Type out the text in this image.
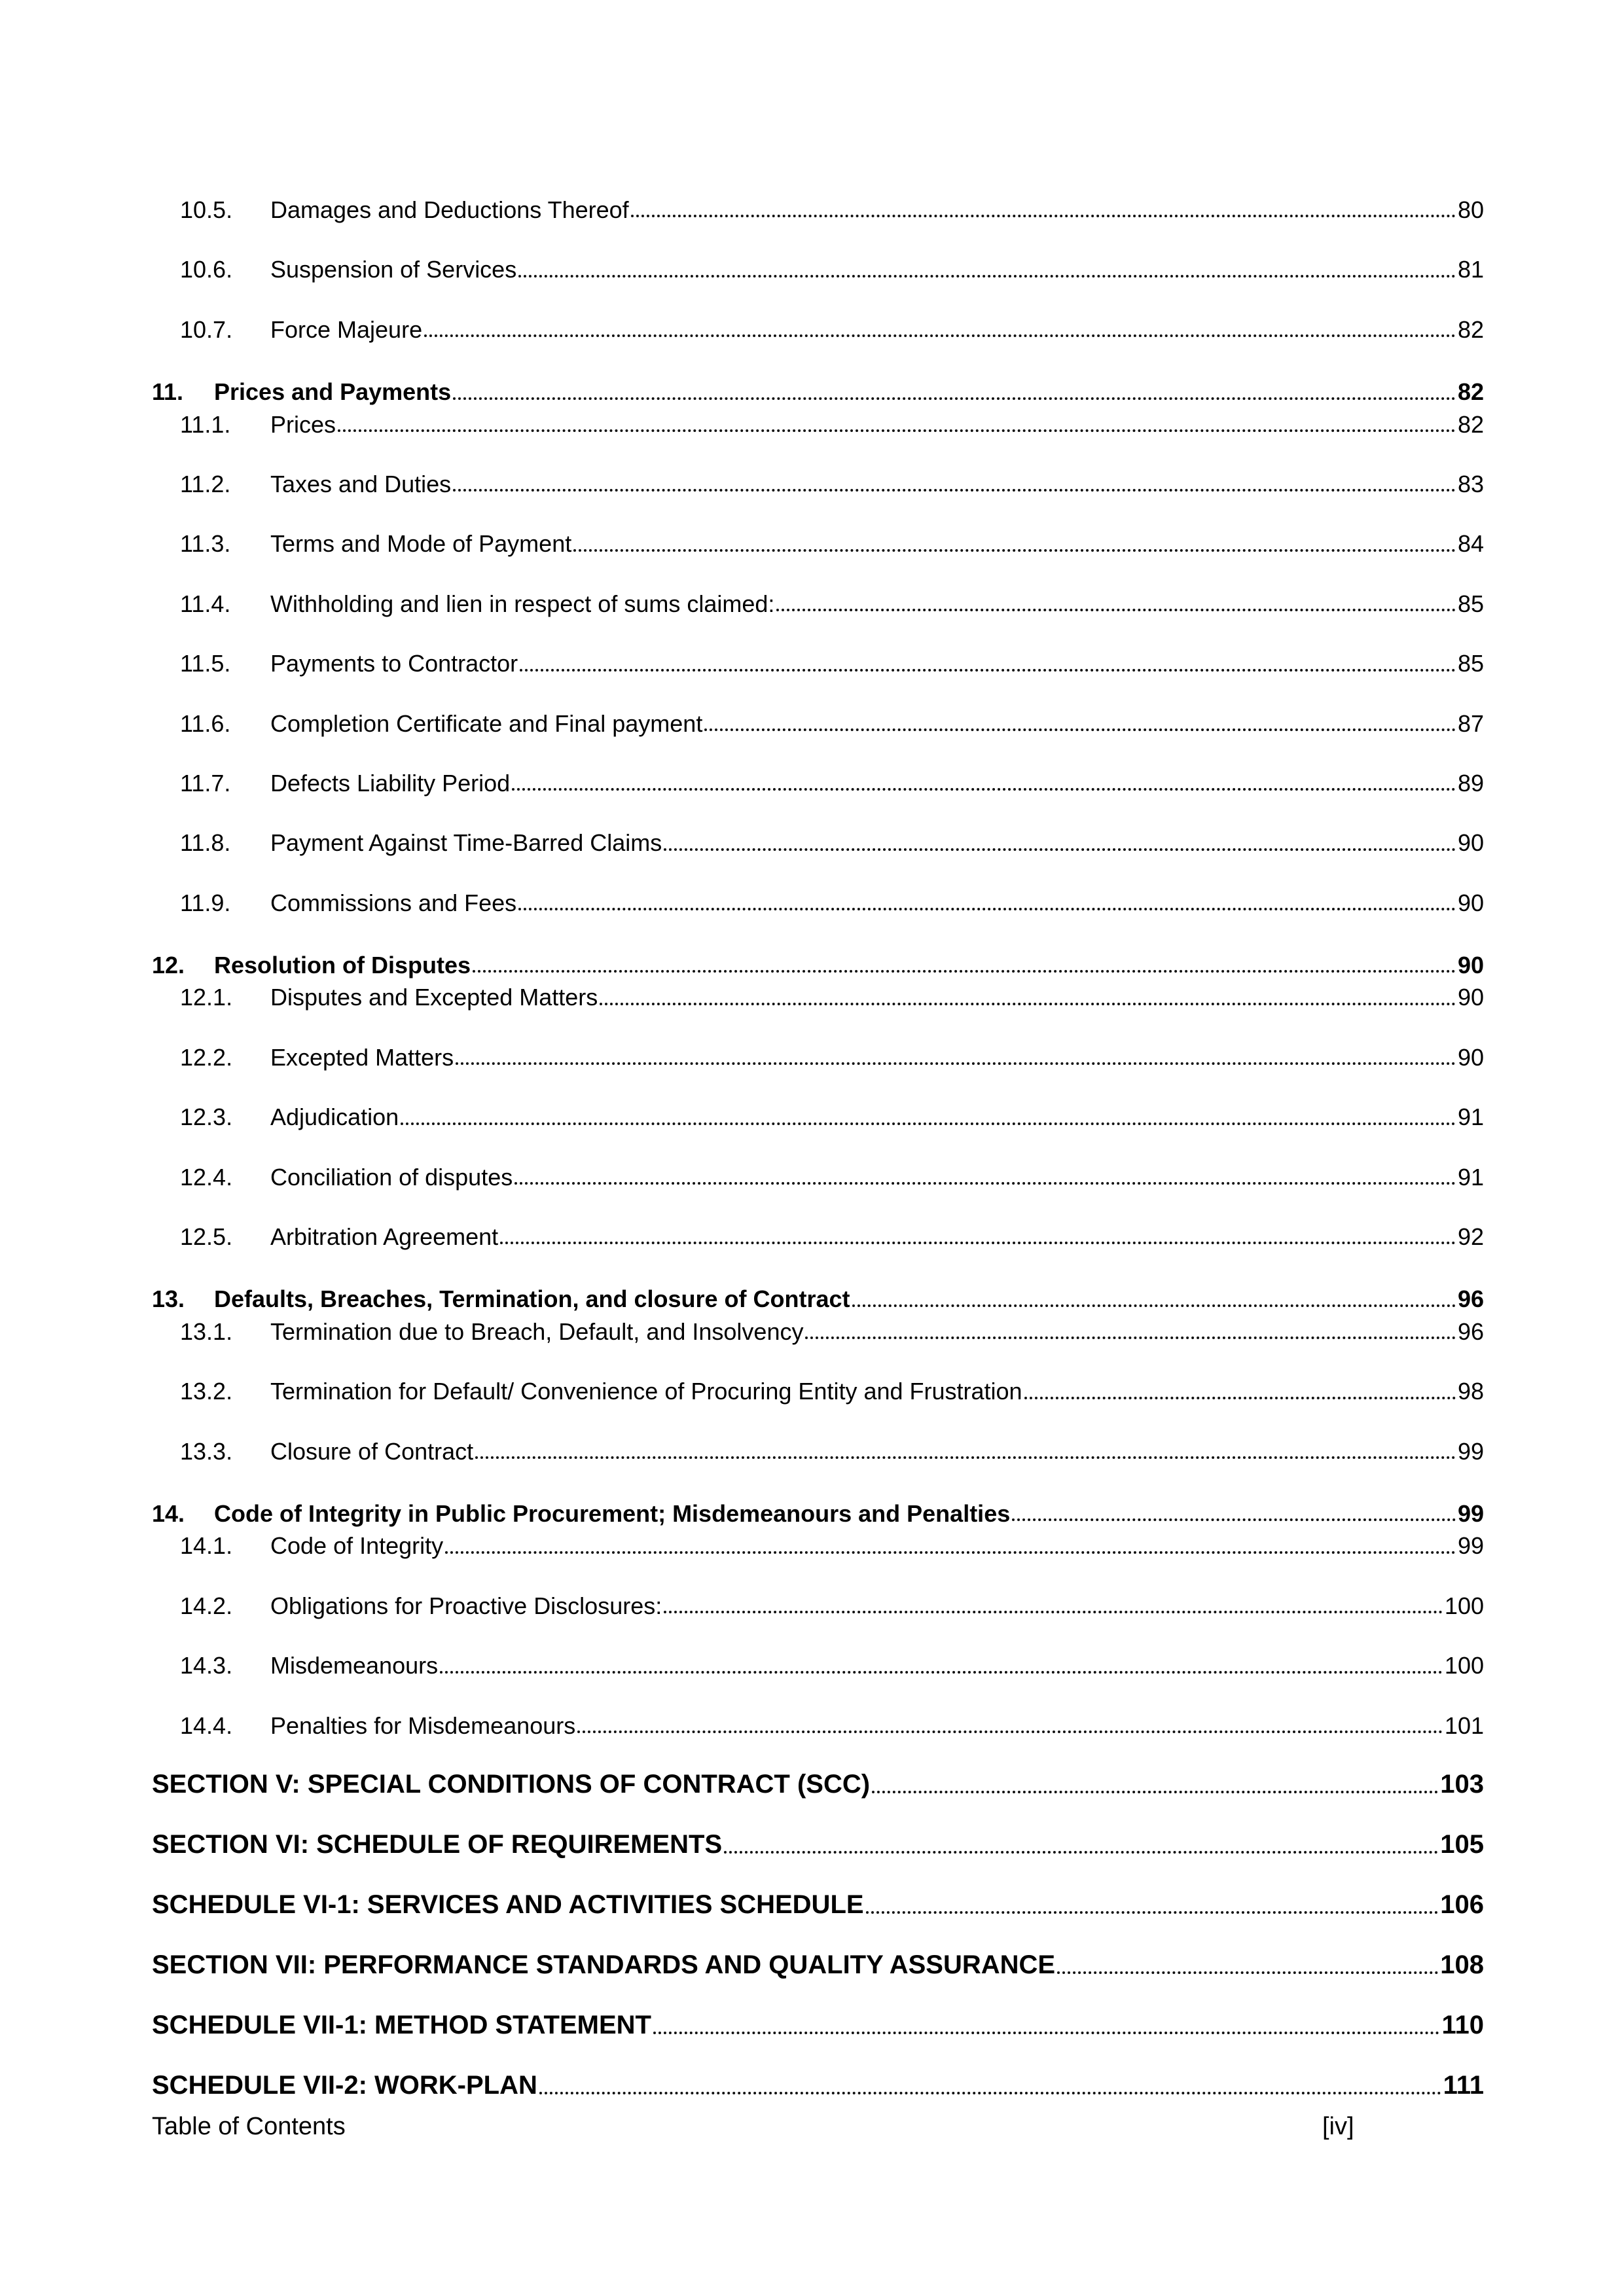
10.5.	Damages and Deductions Thereof	80
10.6.	Suspension of Services	81
10.7.	Force Majeure	82
11.	Prices and Payments	82
11.1.	Prices	82
11.2.	Taxes and Duties	83
11.3.	Terms and Mode of Payment	84
11.4.	Withholding and lien in respect of sums claimed:	85
11.5.	Payments to Contractor	85
11.6.	Completion Certificate and Final payment	87
11.7.	Defects Liability Period	89
11.8.	Payment Against Time-Barred Claims	90
11.9.	Commissions and Fees	90
12.	Resolution of Disputes	90
12.1.	Disputes and Excepted Matters	90
12.2.	Excepted Matters	90
12.3.	Adjudication	91
12.4.	Conciliation of disputes	91
12.5.	Arbitration Agreement	92
13.	Defaults, Breaches, Termination, and closure of Contract	96
13.1.	Termination due to Breach, Default, and Insolvency	96
13.2.	Termination for Default/ Convenience of Procuring Entity and Frustration	98
13.3.	Closure of Contract	99
14.	Code of Integrity in Public Procurement; Misdemeanours and Penalties	99
14.1.	Code of Integrity	99
14.2.	Obligations for Proactive Disclosures:	100
14.3.	Misdemeanours	100
14.4.	Penalties for Misdemeanours	101
SECTION V: SPECIAL CONDITIONS OF CONTRACT (SCC)	103
SECTION VI: SCHEDULE OF REQUIREMENTS	105
SCHEDULE VI-1: SERVICES AND ACTIVITIES SCHEDULE	106
SECTION VII: PERFORMANCE STANDARDS AND QUALITY ASSURANCE	108
SCHEDULE VII-1: METHOD STATEMENT	110
SCHEDULE VII-2: WORK-PLAN	111
Table of Contents	[iv]
